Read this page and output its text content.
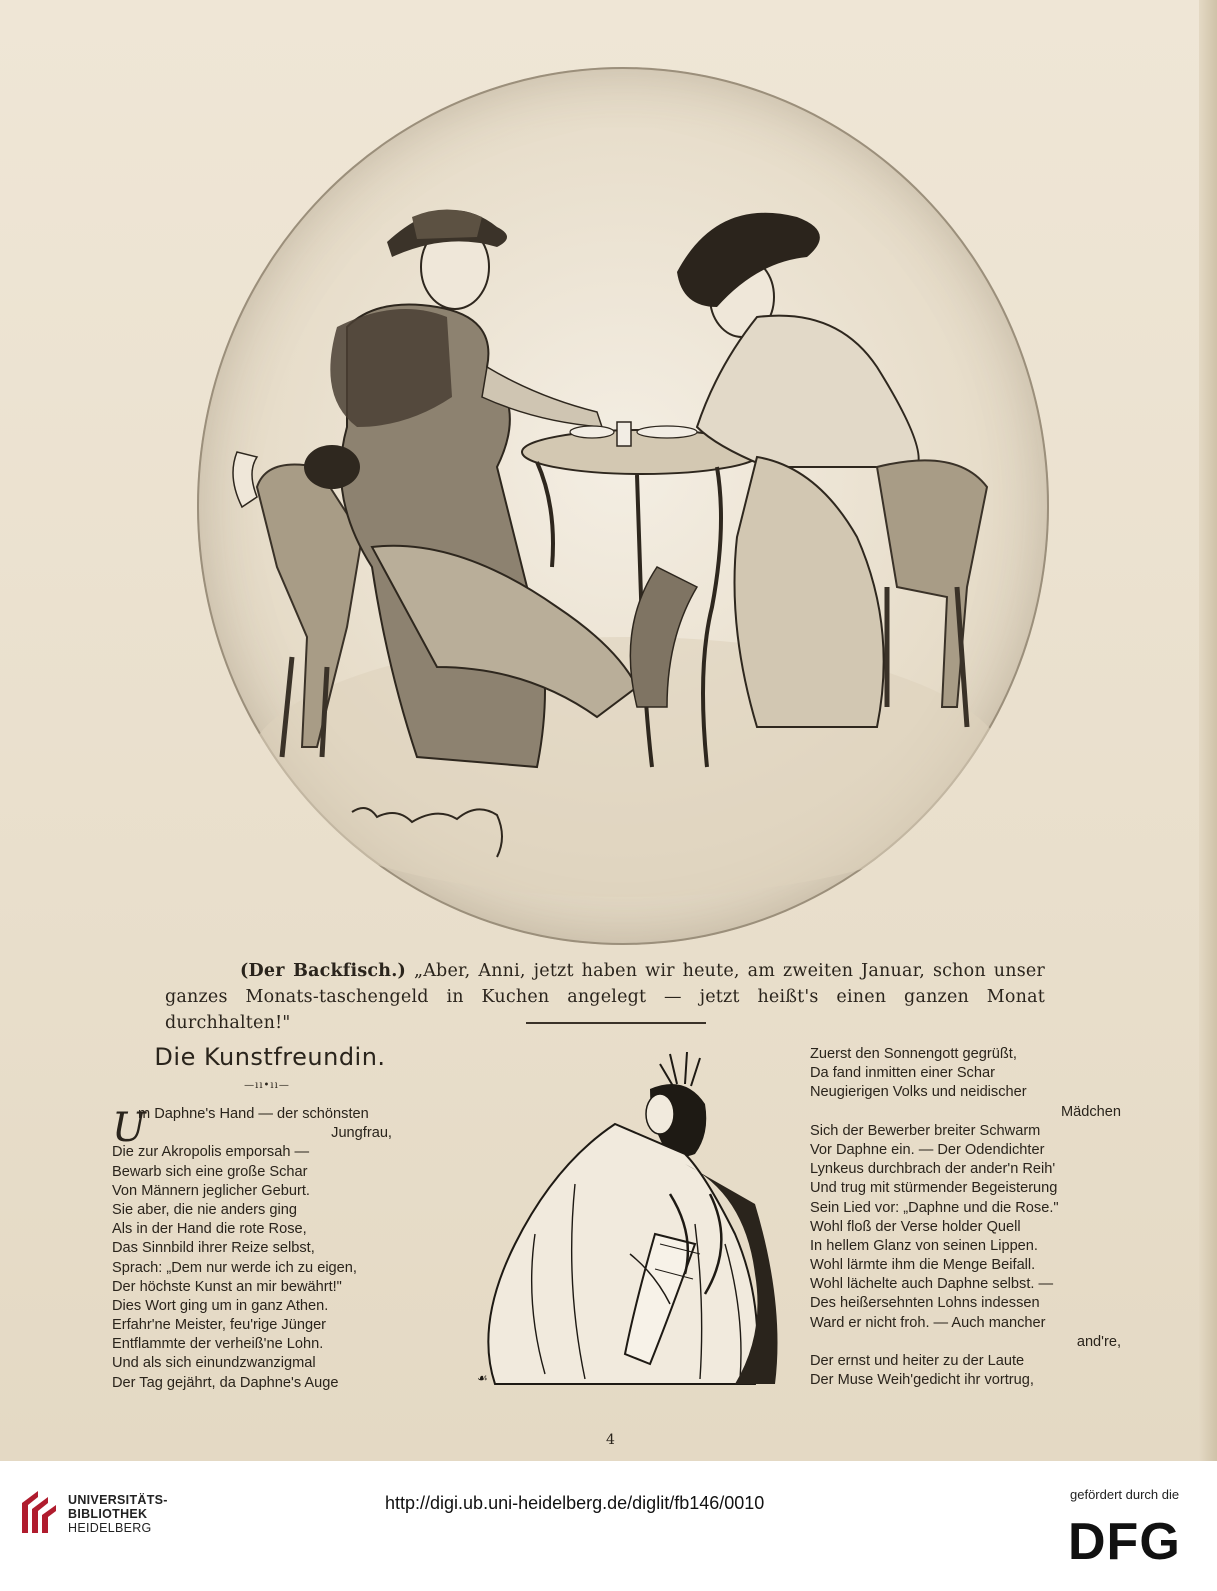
(Der Backfisch.) „Aber, Anni, jetzt haben wir heute, am zweiten Januar, schon unser ganzes Monats-taschengeld in Kuchen angelegt — jetzt heißt's einen ganzen Monat durchhalten!"
Die Kunstfreundin.
—ıı•ıı—
U
m Daphne's Hand — der schönsten
Jungfrau,
Die zur Akropolis emporsah —
Bewarb sich eine große Schar
Von Männern jeglicher Geburt.
Sie aber, die nie anders ging
Als in der Hand die rote Rose,
Das Sinnbild ihrer Reize selbst,
Sprach: „Dem nur werde ich zu eigen,
Der höchste Kunst an mir bewährt!"
Dies Wort ging um in ganz Athen.
Erfahr'ne Meister, feu'rige Jünger
Entflammte der verheiß'ne Lohn.
Und als sich einundzwanzigmal
Der Tag gejährt, da Daphne's Auge	☙
Zuerst den Sonnengott gegrüßt,
Da fand inmitten einer Schar
Neugierigen Volks und neidischer
Mädchen
Sich der Bewerber breiter Schwarm
Vor Daphne ein. — Der Odendichter
Lynkeus durchbrach der ander'n Reih'
Und trug mit stürmender Begeisterung
Sein Lied vor: „Daphne und die Rose."
Wohl floß der Verse holder Quell
In hellem Glanz von seinen Lippen.
Wohl lärmte ihm die Menge Beifall.
Wohl lächelte auch Daphne selbst. —
Des heißersehnten Lohns indessen
Ward er nicht froh. — Auch mancher
and're,
Der ernst und heiter zu der Laute
Der Muse Weih'gedicht ihr vortrug,
4
UNIVERSITÄTS-
BIBLIOTHEK
HEIDELBERG
http://digi.ub.uni-heidelberg.de/diglit/fb146/0010	gefördert durch die
DFG
